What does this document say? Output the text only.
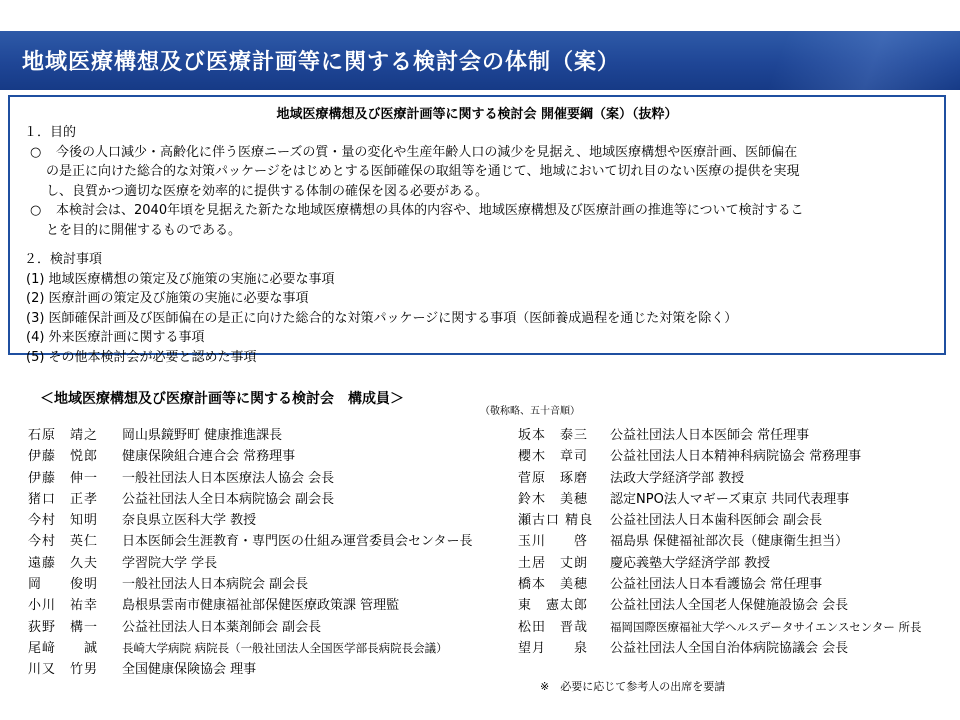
地域医療構想及び医療計画等に関する検討会の体制（案）
地域医療構想及び医療計画等に関する検討会 開催要綱（案）（抜粋）
１．目的
○ 今後の人口減少・高齢化に伴う医療ニーズの質・量の変化や生産年齢人口の減少を見据え、地域医療構想や医療計画、医師偏在
の是正に向けた総合的な対策パッケージをはじめとする医師確保の取組等を通じて、地域において切れ目のない医療の提供を実現
し、良質かつ適切な医療を効率的に提供する体制の確保を図る必要がある。
○ 本検討会は、2040年頃を見据えた新たな地域医療構想の具体的内容や、地域医療構想及び医療計画の推進等について検討するこ
とを目的に開催するものである。
２．検討事項
(1) 地域医療構想の策定及び施策の実施に必要な事項
(2) 医療計画の策定及び施策の実施に必要な事項
(3) 医師確保計画及び医師偏在の是正に向けた総合的な対策パッケージに関する事項（医師養成過程を通じた対策を除く）
(4) 外来医療計画に関する事項
(5) その他本検討会が必要と認めた事項
＜地域医療構想及び医療計画等に関する検討会　構成員＞
（敬称略、五十音順）
石原　靖之 岡山県鏡野町 健康推進課長
伊藤　悦郎 健康保険組合連合会 常務理事
伊藤　伸一 一般社団法人日本医療法人協会 会長
猪口　正孝 公益社団法人全日本病院協会 副会長
今村　知明 奈良県立医科大学 教授
今村　英仁 日本医師会生涯教育・専門医の仕組み運営委員会センター長
遠藤　久夫 学習院大学 学長
岡　　俊明 一般社団法人日本病院会 副会長
小川　祐幸 島根県雲南市健康福祉部保健医療政策課 管理監
荻野　構一 公益社団法人日本薬剤師会 副会長
尾﨑　　誠 長崎大学病院 病院長（一般社団法人全国医学部長病院長会議）
川又　竹男 全国健康保険協会 理事
坂本　泰三 公益社団法人日本医師会 常任理事
櫻木　章司 公益社団法人日本精神科病院協会 常務理事
菅原　琢磨 法政大学経済学部 教授
鈴木　美穂 認定NPO法人マギーズ東京 共同代表理事
瀬古口 精良 公益社団法人日本歯科医師会 副会長
玉川　　啓 福島県 保健福祉部次長（健康衛生担当）
土居　丈朗 慶応義塾大学経済学部 教授
橋本　美穂 公益社団法人日本看護協会 常任理事
東　憲太郎 公益社団法人全国老人保健施設協会 会長
松田　晋哉 福岡国際医療福祉大学ヘルスデータサイエンスセンター 所長
望月　　泉 公益社団法人全国自治体病院協議会 会長
※　必要に応じて参考人の出席を要請
